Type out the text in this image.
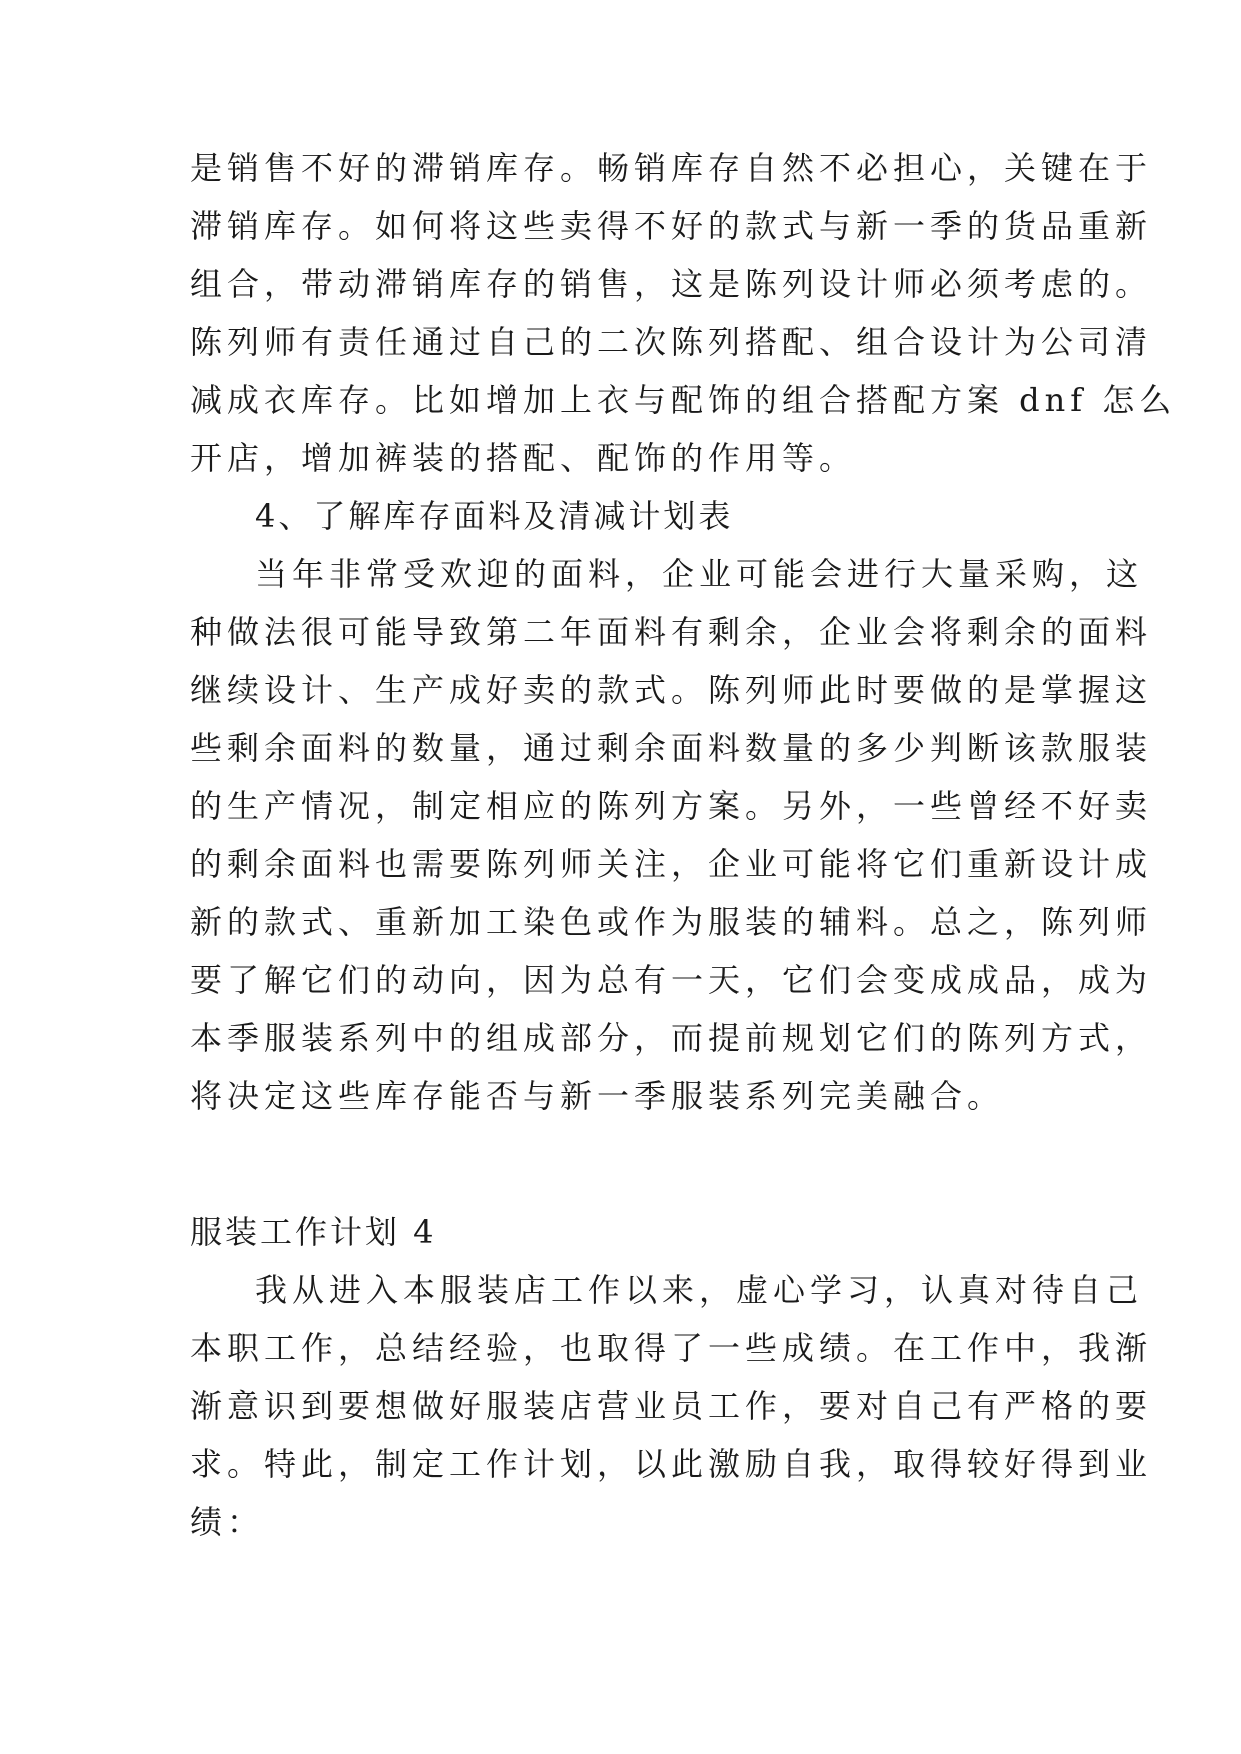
是销售不好的滞销库存。畅销库存自然不必担心，关键在于
滞销库存。如何将这些卖得不好的款式与新一季的货品重新
组合，带动滞销库存的销售，这是陈列设计师必须考虑的。
陈列师有责任通过自己的二次陈列搭配、组合设计为公司清
减成衣库存。比如增加上衣与配饰的组合搭配方案 dnf 怎么
开店，增加裤装的搭配、配饰的作用等。
4、了解库存面料及清减计划表
当年非常受欢迎的面料，企业可能会进行大量采购，这
种做法很可能导致第二年面料有剩余，企业会将剩余的面料
继续设计、生产成好卖的款式。陈列师此时要做的是掌握这
些剩余面料的数量，通过剩余面料数量的多少判断该款服装
的生产情况，制定相应的陈列方案。另外，一些曾经不好卖
的剩余面料也需要陈列师关注，企业可能将它们重新设计成
新的款式、重新加工染色或作为服装的辅料。总之，陈列师
要了解它们的动向，因为总有一天，它们会变成成品，成为
本季服装系列中的组成部分，而提前规划它们的陈列方式，
将决定这些库存能否与新一季服装系列完美融合。
服装工作计划 4
我从进入本服装店工作以来，虚心学习，认真对待自己
本职工作，总结经验，也取得了一些成绩。在工作中，我渐
渐意识到要想做好服装店营业员工作，要对自己有严格的要
求。特此，制定工作计划，以此激励自我，取得较好得到业
绩：
